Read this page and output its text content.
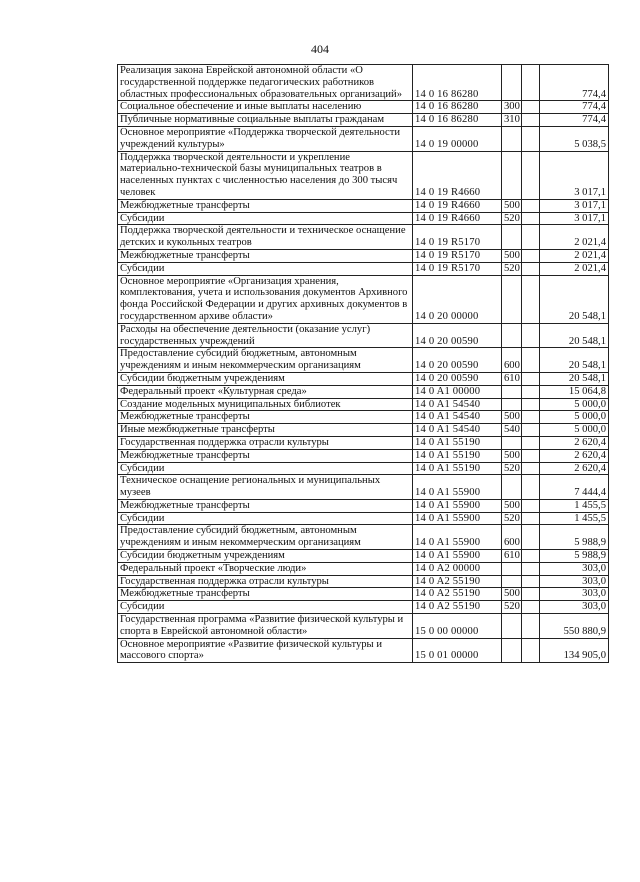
404
Реализация закона Еврейской автономной области «О государственной поддержке педагогических работников областных профессиональных образовательных организаций»	14 0 16 86280			774,4
Социальное обеспечение и иные выплаты населению	14 0 16 86280	300		774,4
Публичные нормативные социальные выплаты гражданам	14 0 16 86280	310		774,4
Основное мероприятие «Поддержка творческой деятельности учреждений культуры»	14 0 19 00000			5 038,5
Поддержка творческой деятельности и укрепление материально-технической базы муниципальных театров в населенных пунктах с численностью населения до 300 тысяч человек	14 0 19 R4660			3 017,1
Межбюджетные трансферты	14 0 19 R4660	500		3 017,1
Субсидии	14 0 19 R4660	520		3 017,1
Поддержка творческой деятельности и техническое оснащение детских и кукольных театров	14 0 19 R5170			2 021,4
Межбюджетные трансферты	14 0 19 R5170	500		2 021,4
Субсидии	14 0 19 R5170	520		2 021,4
Основное мероприятие «Организация хранения, комплектования, учета и использования документов Архивного фонда Российской Федерации и других архивных документов в государственном архиве области»	14 0 20 00000			20 548,1
Расходы на обеспечение деятельности (оказание услуг) государственных учреждений	14 0 20 00590			20 548,1
Предоставление субсидий бюджетным, автономным учреждениям и иным некоммерческим организациям	14 0 20 00590	600		20 548,1
Субсидии бюджетным учреждениям	14 0 20 00590	610		20 548,1
Федеральный проект «Культурная среда»	14 0 A1 00000			15 064,8
Создание модельных муниципальных библиотек	14 0 A1 54540			5 000,0
Межбюджетные трансферты	14 0 A1 54540	500		5 000,0
Иные межбюджетные трансферты	14 0 A1 54540	540		5 000,0
Государственная поддержка отрасли культуры	14 0 A1 55190			2 620,4
Межбюджетные трансферты	14 0 A1 55190	500		2 620,4
Субсидии	14 0 A1 55190	520		2 620,4
Техническое оснащение региональных и муниципальных музеев	14 0 A1 55900			7 444,4
Межбюджетные трансферты	14 0 A1 55900	500		1 455,5
Субсидии	14 0 A1 55900	520		1 455,5
Предоставление субсидий бюджетным, автономным учреждениям и иным некоммерческим организациям	14 0 A1 55900	600		5 988,9
Субсидии бюджетным учреждениям	14 0 A1 55900	610		5 988,9
Федеральный проект «Творческие люди»	14 0 A2 00000			303,0
Государственная поддержка отрасли культуры	14 0 A2 55190			303,0
Межбюджетные трансферты	14 0 A2 55190	500		303,0
Субсидии	14 0 A2 55190	520		303,0
Государственная программа «Развитие физической культуры и спорта в Еврейской автономной области»	15 0 00 00000			550 880,9
Основное мероприятие «Развитие физической культуры и массового спорта»	15 0 01 00000			134 905,0
